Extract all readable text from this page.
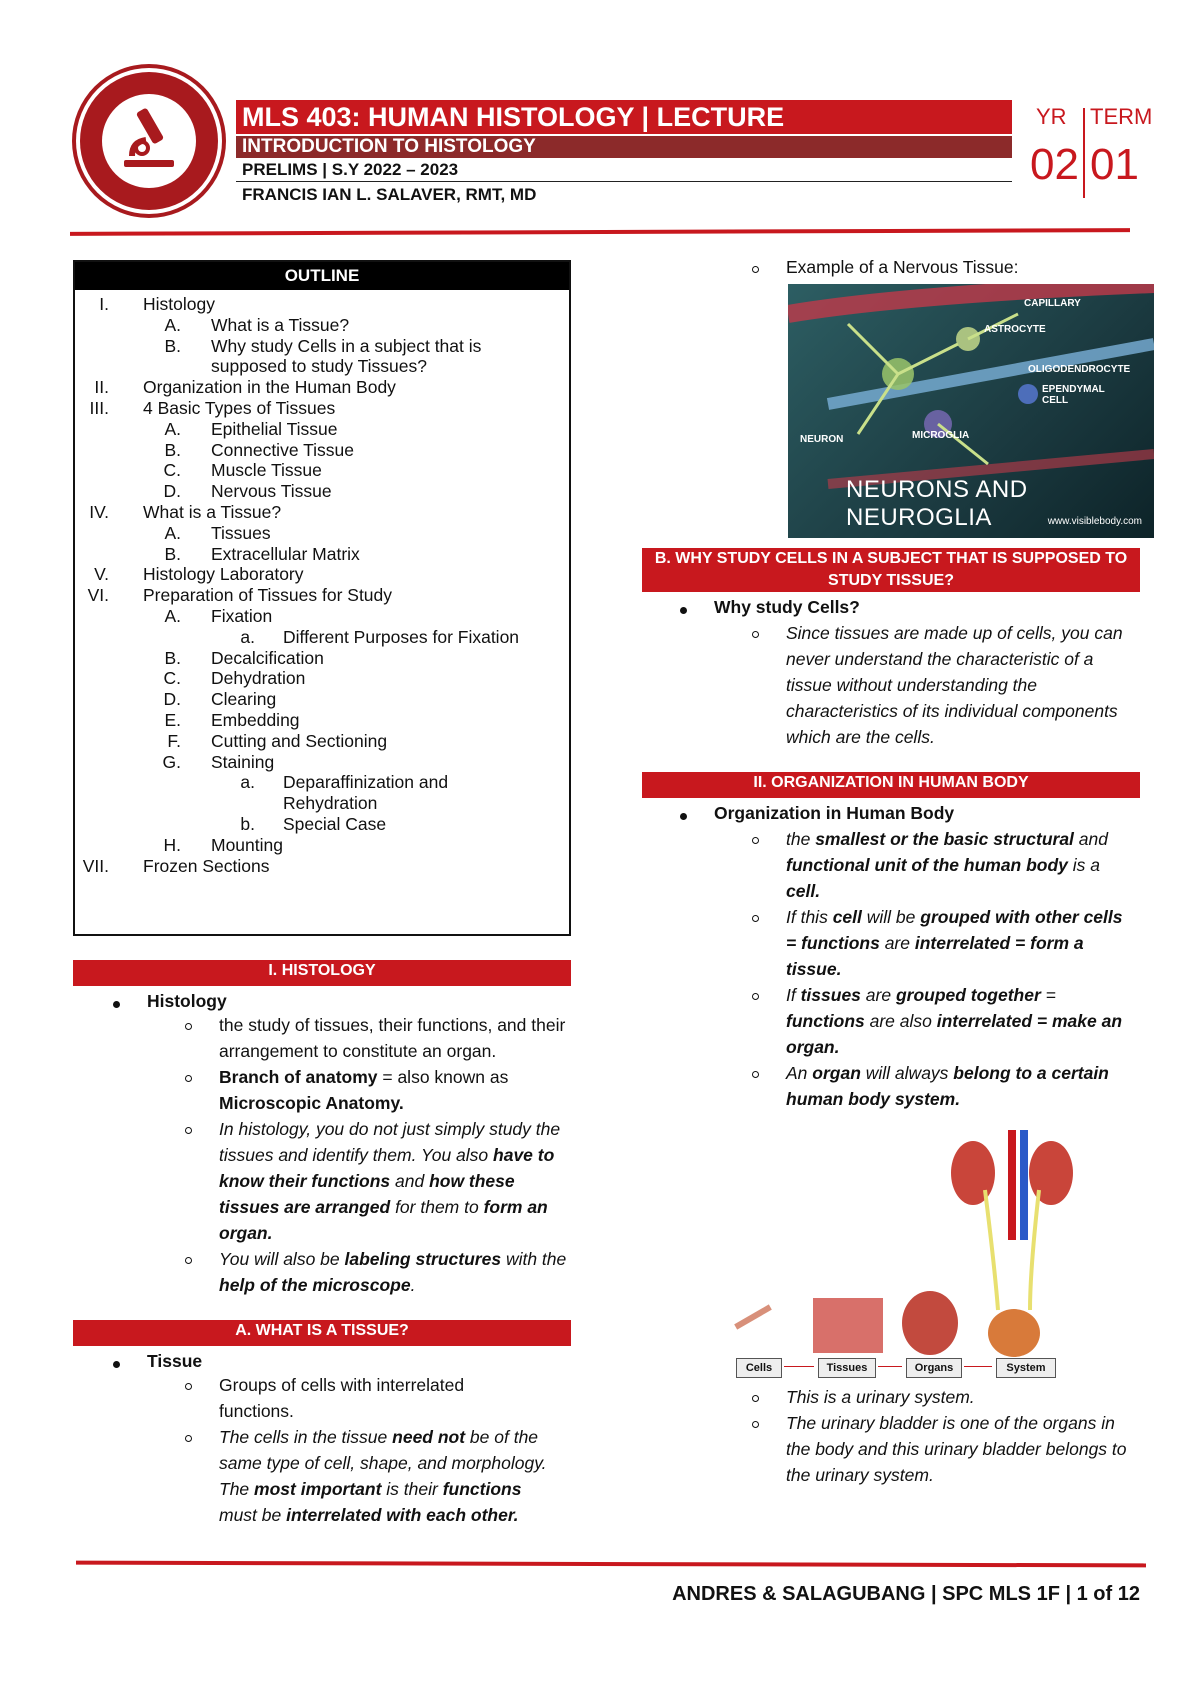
MLS 403: HUMAN HISTOLOGY | LECTURE
INTRODUCTION TO HISTOLOGY
PRELIMS | S.Y 2022 – 2023
FRANCIS IAN L. SALAVER, RMT, MD
YR TERM
02 01
OUTLINE
I. Histology
A. What is a Tissue?
B. Why study Cells in a subject that is
supposed to study Tissues?
II. Organization in the Human Body
III. 4 Basic Types of Tissues
A. Epithelial Tissue
B. Connective Tissue
C. Muscle Tissue
D. Nervous Tissue
IV. What is a Tissue?
A. Tissues
B. Extracellular Matrix
V. Histology Laboratory
VI. Preparation of Tissues for Study
A. Fixation
a. Different Purposes for Fixation
B. Decalcification
C. Dehydration
D. Clearing
E. Embedding
F. Cutting and Sectioning
G. Staining
a. Deparaffinization and
Rehydration
b. Special Case
H. Mounting
VII. Frozen Sections
I. HISTOLOGY
Histology
the study of tissues, their functions, and their arrangement to constitute an organ.
Branch of anatomy = also known as Microscopic Anatomy.
In histology, you do not just simply study the tissues and identify them. You also have to know their functions and how these tissues are arranged for them to form an organ.
You will also be labeling structures with the help of the microscope.
A. WHAT IS A TISSUE?
Tissue
Groups of cells with interrelated functions.
The cells in the tissue need not be of the same type of cell, shape, and morphology. The most important is their functions must be interrelated with each other.
Example of a Nervous Tissue:
CAPILLARY
ASTROCYTE
OLIGODENDROCYTE
EPENDYMAL CELL
NEURON	MICROGLIA
NEURONS AND NEUROGLIA	www.visiblebody.com
B. WHY STUDY CELLS IN A SUBJECT THAT IS SUPPOSED TO STUDY TISSUE?
Why study Cells?
Since tissues are made up of cells, you can never understand the characteristic of a tissue without understanding the characteristics of its individual components which are the cells.
II. ORGANIZATION IN HUMAN BODY
Organization in Human Body
the smallest or the basic structural and functional unit of the human body is a cell.
If this cell will be grouped with other cells = functions are interrelated = form a tissue.
If tissues are grouped together = functions are also interrelated = make an organ.
An organ will always belong to a certain human body system.
Cells	Tissues	Organs	System
This is a urinary system.
The urinary bladder is one of the organs in the body and this urinary bladder belongs to the urinary system.
ANDRES & SALAGUBANG | SPC MLS 1F | 1 of 12
